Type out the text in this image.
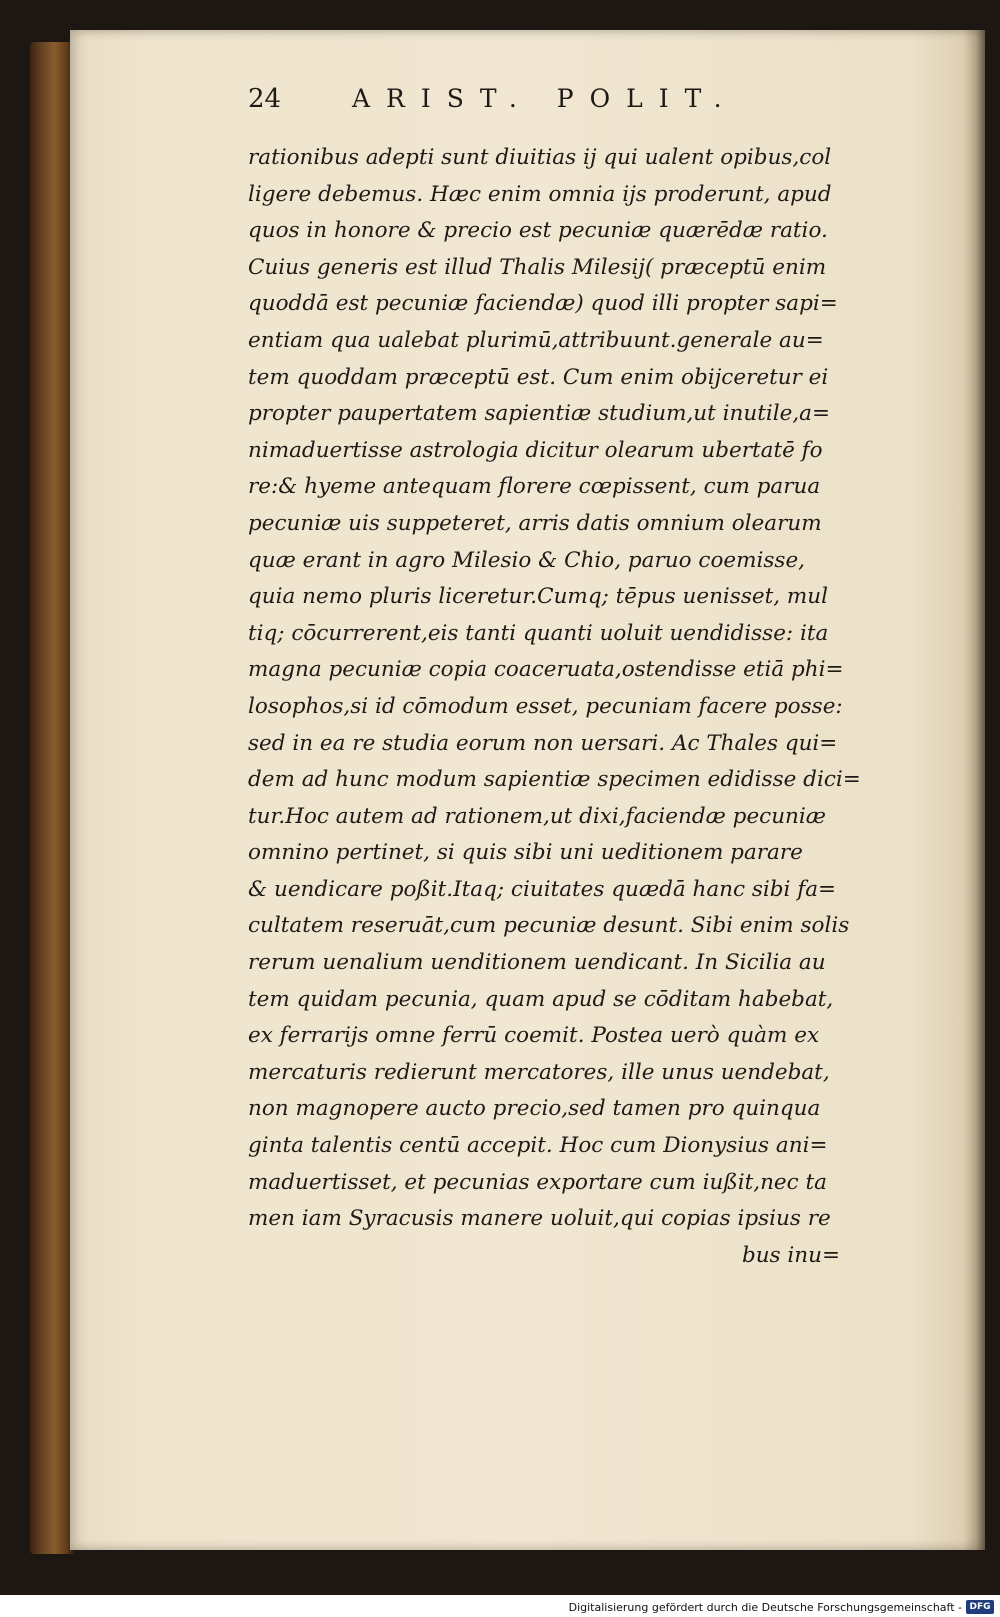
24	ARIST. POLIT.
rationibus adepti sunt diuitias ij qui ualent opibus,col
ligere debemus. Hæc enim omnia ijs proderunt, apud
quos in honore & precio est pecuniæ quærēdæ ratio.
Cuius generis est illud Thalis Milesij( præceptū enim
quoddā est pecuniæ faciendæ) quod illi propter sapi=
entiam qua ualebat plurimū,attribuunt.generale au=
tem quoddam præceptū est. Cum enim obijceretur ei
propter paupertatem sapientiæ studium,ut inutile,a=
nimaduertisse astrologia dicitur olearum ubertatē fo
re:& hyeme antequam florere cœpissent, cum parua
pecuniæ uis suppeteret, arris datis omnium olearum
quæ erant in agro Milesio & Chio, paruo coemisse,
quia nemo pluris liceretur.Cumq; tēpus uenisset, mul
tiq; cōcurrerent,eis tanti quanti uoluit uendidisse: ita
magna pecuniæ copia coaceruata,ostendisse etiā phi=
losophos,si id cōmodum esset, pecuniam facere posse:
sed in ea re studia eorum non uersari. Ac Thales qui=
dem ad hunc modum sapientiæ specimen edidisse dici=
tur.Hoc autem ad rationem,ut dixi,faciendæ pecuniæ
omnino pertinet, si quis sibi uni ueditionem parare
& uendicare poßit.Itaq; ciuitates quædā hanc sibi fa=
cultatem reseruāt,cum pecuniæ desunt. Sibi enim solis
rerum uenalium uenditionem uendicant. In Sicilia au
tem quidam pecunia, quam apud se cōditam habebat,
ex ferrarijs omne ferrū coemit. Postea uerò quàm ex
mercaturis redierunt mercatores, ille unus uendebat,
non magnopere aucto precio,sed tamen pro quinqua
ginta talentis centū accepit. Hoc cum Dionysius ani=
maduertisset, et pecunias exportare cum iußit,nec ta
men iam Syracusis manere uoluit,qui copias ipsius re
bus inu=
Digitalisierung gefördert durch die Deutsche Forschungsgemeinschaft - DFG
